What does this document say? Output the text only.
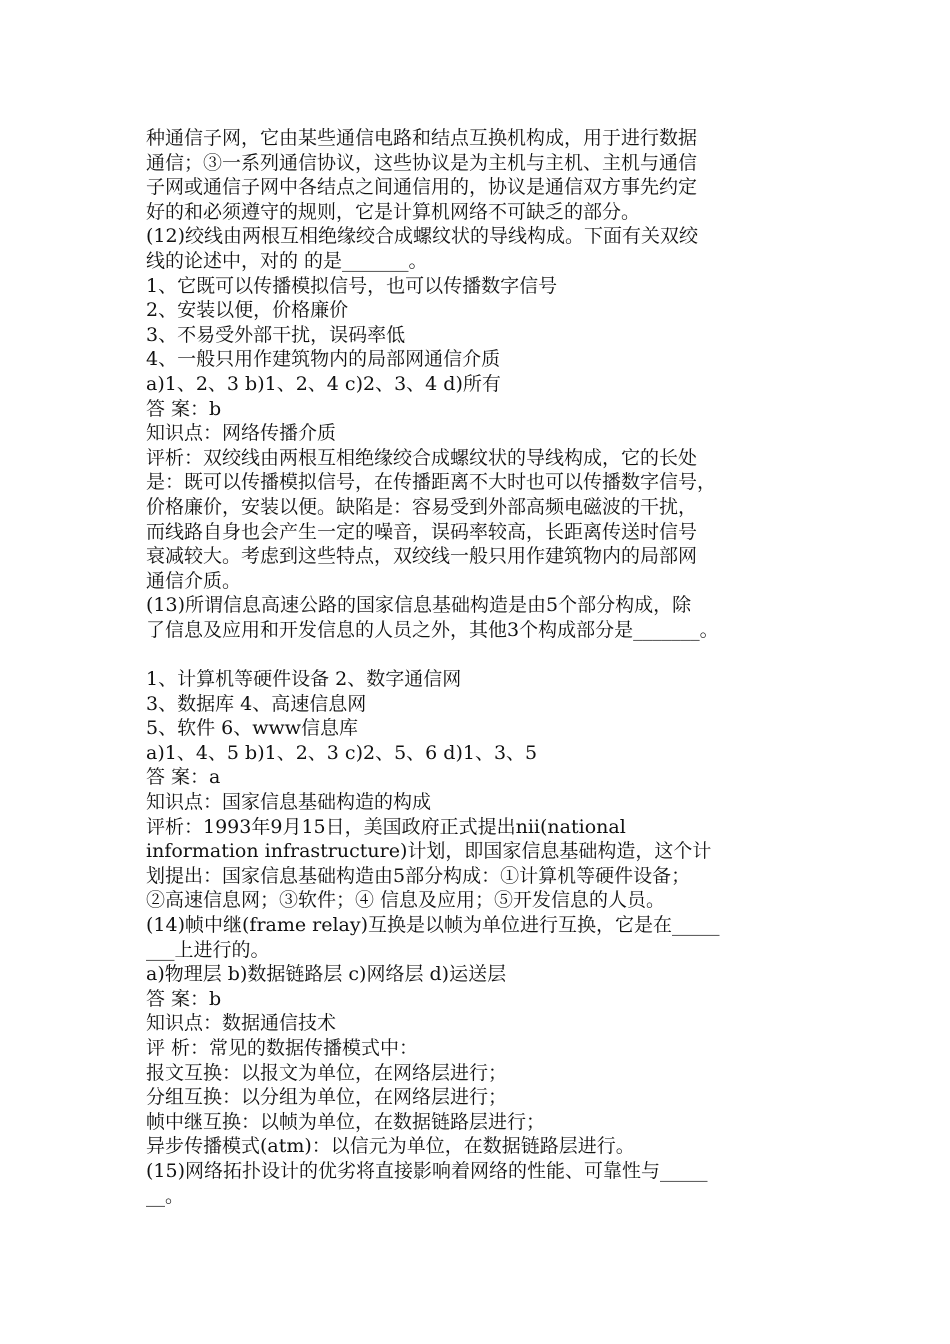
种通信子网，它由某些通信电路和结点互换机构成，用于进行数据
通信；③一系列通信协议，这些协议是为主机与主机、主机与通信
子网或通信子网中各结点之间通信用的，协议是通信双方事先约定
好的和必须遵守的规则，它是计算机网络不可缺乏的部分。
(12)绞线由两根互相绝缘绞合成螺纹状的导线构成。下面有关双绞
线的论述中，对的 的是_______。
1、它既可以传播模拟信号，也可以传播数字信号
2、安装以便，价格廉价
3、不易受外部干扰，误码率低
4、一般只用作建筑物内的局部网通信介质
a)1、2、3 b)1、2、4 c)2、3、4 d)所有
答 案：b
知识点：网络传播介质
评析：双绞线由两根互相绝缘绞合成螺纹状的导线构成，它的长处
是：既可以传播模拟信号，在传播距离不大时也可以传播数字信号，
价格廉价，安装以便。缺陷是：容易受到外部高频电磁波的干扰，
而线路自身也会产生一定的噪音，误码率较高，长距离传送时信号
衰减较大。考虑到这些特点，双绞线一般只用作建筑物内的局部网
通信介质。
(13)所谓信息高速公路的国家信息基础构造是由5个部分构成，除
了信息及应用和开发信息的人员之外，其他3个构成部分是_______。
1、计算机等硬件设备 2、数字通信网
3、数据库 4、高速信息网
5、软件 6、www信息库
a)1、4、5 b)1、2、3 c)2、5、6 d)1、3、5
答 案：a
知识点：国家信息基础构造的构成
评析：1993年9月15日，美国政府正式提出nii(national
information infrastructure)计划，即国家信息基础构造，这个计
划提出：国家信息基础构造由5部分构成：①计算机等硬件设备；
②高速信息网；③软件；④ 信息及应用；⑤开发信息的人员。
(14)帧中继(frame relay)互换是以帧为单位进行互换，它是在_____
___上进行的。
a)物理层 b)数据链路层 c)网络层 d)运送层
答 案：b
知识点：数据通信技术
评 析：常见的数据传播模式中：
报文互换：以报文为单位，在网络层进行；
分组互换：以分组为单位，在网络层进行；
帧中继互换：以帧为单位，在数据链路层进行；
异步传播模式(atm)：以信元为单位，在数据链路层进行。
(15)网络拓扑设计的优劣将直接影响着网络的性能、可靠性与_____
__。
